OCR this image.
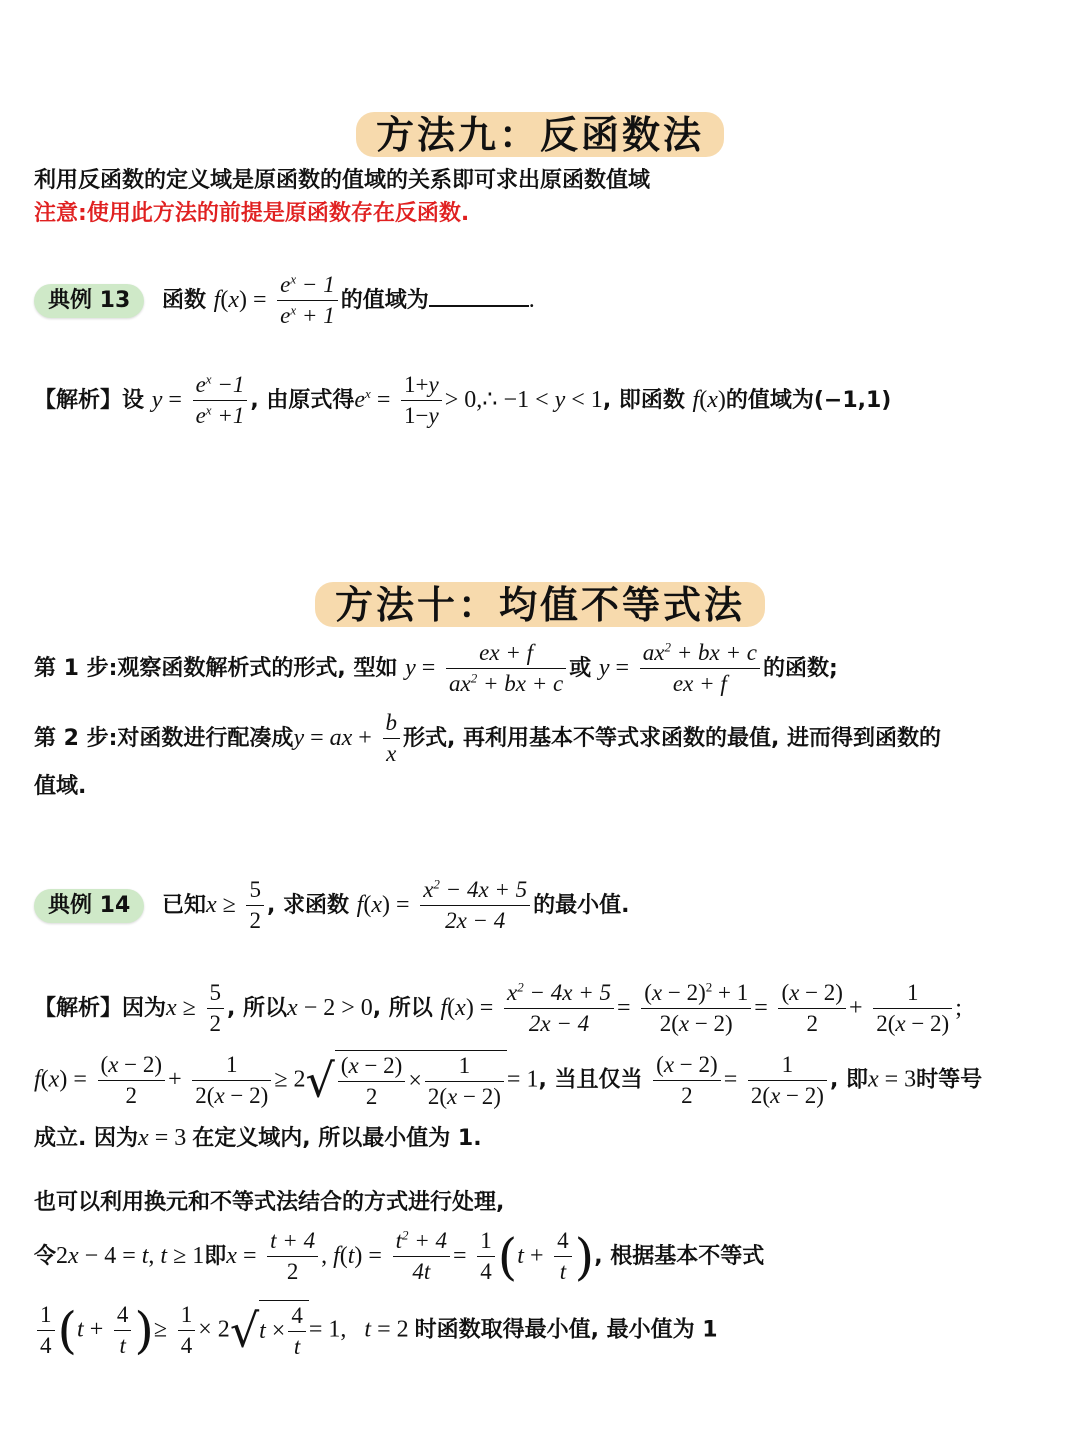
方法九：反函数法
利用反函数的定义域是原函数的值域的关系即可求出原函数值域
注意:使用此方法的前提是原函数存在反函数.
典例 13 函数 $f(x) = \frac{e^x - 1}{e^x + 1}$ 的值域为	.
【解析】设 $y = \frac{e^x -1}{e^x +1}$ , 由原式得$e^x = \frac{1+y}{1-y}$ > 0,∴ −1 < y < 1, 即函数 f(x)的值域为(−1,1)
方法十：均值不等式法
第 1 步:观察函数解析式的形式, 型如 $y = \frac{ex + f}{ax^2 + bx + c}$ 或 $y = \frac{ax^2 + bx + c}{ex + f}$ 的函数;
第 2 步:对函数进行配凑成y = ax + $\frac{b}{x}$ 形式, 再利用基本不等式求函数的最值, 进而得到函数的
值域.
典例 14 已知$x \ge \frac{5}{2}$ , 求函数 $f(x) = \frac{x^2 - 4x + 5}{2x - 4}$ 的最小值.
【解析】因为$x \ge \frac{5}{2}$ , 所以x − 2 > 0, 所以 $f(x) = \frac{x^2 - 4x + 5}{2x - 4} = \frac{(x - 2)^2 + 1}{2(x - 2)} = \frac{(x - 2)}{2} + \frac{1}{2(x - 2)}$ ;
$f(x) = \frac{(x - 2)}{2} + \frac{1}{2(x - 2)} \ge 2√ \frac{(x - 2)}{2} \times \frac{1}{2(x - 2)} = 1$, 当且仅当 $\frac{(x - 2)}{2} = \frac{1}{2(x - 2)}$ , 即x = 3时等号
成立. 因为x = 3 在定义域内, 所以最小值为 1.
也可以利用换元和不等式法结合的方式进行处理,
令2x − 4 = t, t ≥ 1即$x = \frac{t + 4}{2}$ , $f(t) = \frac{t^2 + 4}{4t} = \frac{1}{4} (t + \frac{4}{t}$ ), 根据基本不等式
$\frac{1}{4} (t + \frac{4}{t}$ )≥ $\frac{1}{4} \times 2√t \times \frac{4}{t} = 1$,   t = 2 时函数取得最小值, 最小值为 1
